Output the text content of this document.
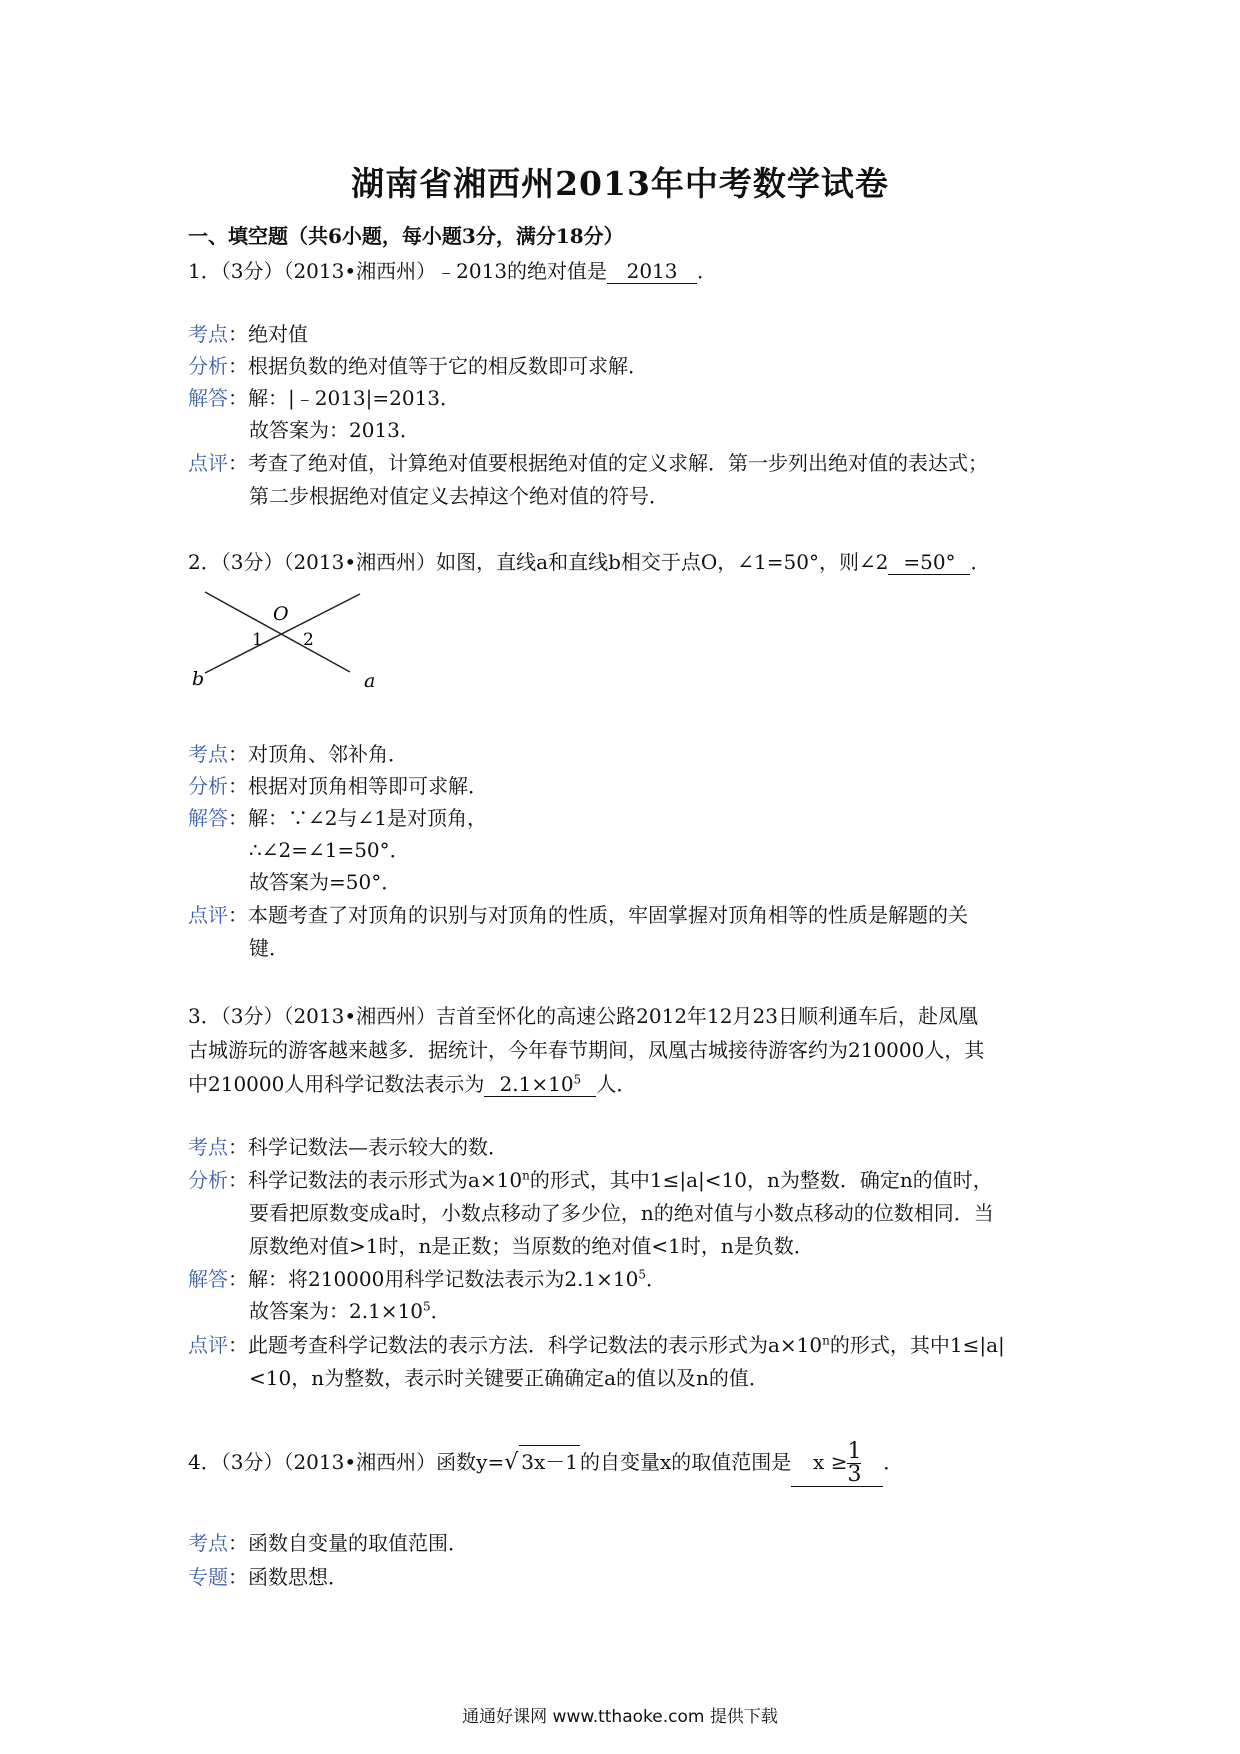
湖南省湘西州2013年中考数学试卷
一、填空题（共6小题，每小题3分，满分18分）
1．（3分）（2013•湘西州）﹣2013的绝对值是 2013 ．
考点：绝对值
分析：根据负数的绝对值等于它的相反数即可求解．
解答：解：|﹣2013|=2013．
故答案为：2013．
点评：考查了绝对值，计算绝对值要根据绝对值的定义求解．第一步列出绝对值的表达式；
第二步根据绝对值定义去掉这个绝对值的符号．
2．（3分）（2013•湘西州）如图，直线a和直线b相交于点O，∠1=50°，则∠2 =50° ．
O
1 2
b	a
考点：对顶角、邻补角．
分析：根据对顶角相等即可求解．
解答：解：∵∠2与∠1是对顶角，
∴∠2=∠1=50°．
故答案为=50°．
点评：本题考查了对顶角的识别与对顶角的性质，牢固掌握对顶角相等的性质是解题的关
键．
3．（3分）（2013•湘西州）吉首至怀化的高速公路2012年12月23日顺利通车后，赴凤凰
古城游玩的游客越来越多．据统计，今年春节期间，凤凰古城接待游客约为210000人，其
中210000人用科学记数法表示为 $2.1\times 10^5$ 人．
考点：科学记数法—表示较大的数．
分析：科学记数法的表示形式为$a\times 10^n$的形式，其中1≤|a|<10，n为整数．确定n的值时，
要看把原数变成a时，小数点移动了多少位，n的绝对值与小数点移动的位数相同．当
原数绝对值>1时，n是正数；当原数的绝对值<1时，n是负数．
解答：解：将210000用科学记数法表示为$2.1\times 10^5$．
故答案为：$2.1\times 10^5$．
点评：此题考查科学记数法的表示方法．科学记数法的表示形式为$a\times 10^n$的形式，其中1≤|a|
<10，n为整数，表示时关键要正确确定a的值以及n的值．
4．（3分）（2013•湘西州）函数y=√ 3x－1 的自变量x的取值范围是 $x \ge \frac{1}{3}$ ．
考点：函数自变量的取值范围．
专题：函数思想．
通通好课网 www.tthaoke.com 提供下载
